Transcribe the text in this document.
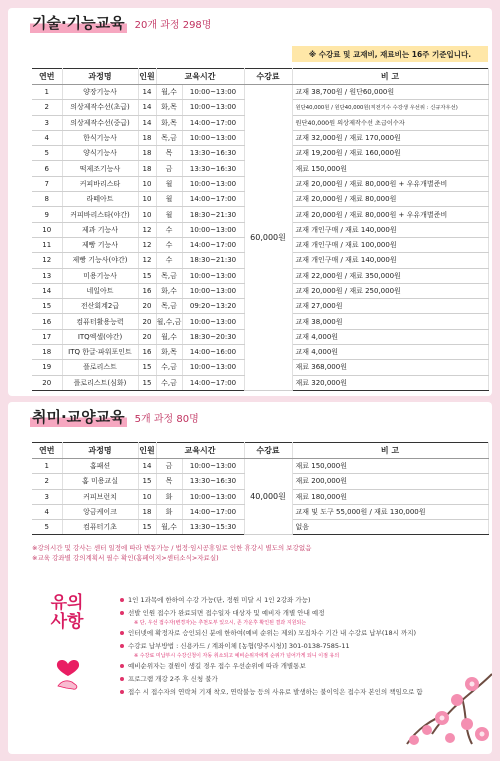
기술·기능교육 20개 과정 298명
※ 수강료 및 교재비, 재료비는 16주 기준입니다.
연번	과정명	인원	교육시간		수강료	비 고
1	양장기능사	14	월,수	10:00~13:00	60,000원	교재 38,700원 / 원단60,000원
2	의상제작수선(초급)	14	화,목	10:00~13:00		원단40,000원 / 원단40,000원(직전기수 수강생 우선위 : 신규자우선)
3	의상제작수선(중급)	14	화,목	14:00~17:00		원단40,000원 의상제작수선 초급이수자
4	한식기능사	18	목,금	10:00~13:00		교재 32,000원 / 재료 170,000원
5	양식기능사	18	목	13:30~16:30		교재 19,200원 / 재료 160,000원
6	떡제조기능사	18	금	13:30~16:30		재료 150,000원
7	커피바리스타	10	월	10:00~13:00		교재 20,000원 / 재료 80,000원 + 우유개별준비
8	라떼아트	10	월	14:00~17:00		교재 20,000원 / 재료 80,000원
9	커피바리스타(야간)	10	월	18:30~21:30		교재 20,000원 / 재료 80,000원 + 우유개별준비
10	제과 기능사	12	수	10:00~13:00		교재 개인구매 / 재료 140,000원
11	제빵 기능사	12	수	14:00~17:00		교재 개인구매 / 재료 100,000원
12	제빵 기능사(야간)	12	수	18:30~21:30		교재 개인구매 / 재료 140,000원
13	미용기능사	15	목,금	10:00~13:00		교재 22,000원 / 재료 350,000원
14	네일아트	16	화,수	10:00~13:00		교재 20,000원 / 재료 250,000원
15	전산회계2급	20	목,금	09:20~13:20		교재 27,000원
16	컴퓨터활용능력	20	월,수,금	10:00~13:00		교재 38,000원
17	ITQ엑셀(야간)	20	월,수	18:30~20:30		교재 4,000원
18	ITQ 한글·파워포인트	16	화,목	14:00~16:00		교재 4,000원
19	플로리스트	15	수,금	10:00~13:00		재료 368,000원
20	플로리스트(심화)	15	수,금	14:00~17:00		재료 320,000원
취미·교양교육 5개 과정 80명
연번	과정명	인원	교육시간		수강료	비 고
1	홈패션	14	금	10:00~13:00	40,000원	재료 150,000원
2	홈 미용교실	15	목	13:30~16:30		재료 200,000원
3	커피브런치	10	화	10:00~13:00		재료 180,000원
4	앙금케이크	18	화	14:00~17:00		교재 및 도구 55,000원 / 재료 130,000원
5	컴퓨터기초	15	월,수	13:30~15:30		없음
※강의시간 및 강사는 센터 일정에 따라 변동가능 / 법정·임시공휴일로 인한 휴강시 별도의 보강없음
※교육 강좌별 강의계획서 필수 확인(홈페이지>센터소식>자료실)
유의 사항
1인 1과목에 한하여 수강 가능(단, 정원 미달 시 1인 2강좌 가능)
선발 인원 접수가 완료되면 접수일자 대상자 및 예비자 개별 안내 예정
※ 단, 우선 접수자(변경자)는 추천도부 있으시, 존 가운후 확인된 결과 지원되는
인터넷에 확정자로 승인되신 분에 한하여(예비 순위는 제외) 모집차수 기간 내 수강료 납부(18시 까지)
수강료 납부방법 : 신용카드 / 계좌이체 [농협(양주시청)] 301-0138-7585-11
※ 수강료 미납부시 수강신청이 자동 취소되고 예비순위자에게 순위가 넘어가게 되니 이점 유의
예비순위자는 결원이 생길 경우 접수 우선순위에 따라 개별통보
프로그램 개강 2주 후 신청 불가
접수 시 접수자의 연락처 기재 착오, 연락불능 등의 사유로 발생하는 불이익은 접수자 본인의 책임으로 함
